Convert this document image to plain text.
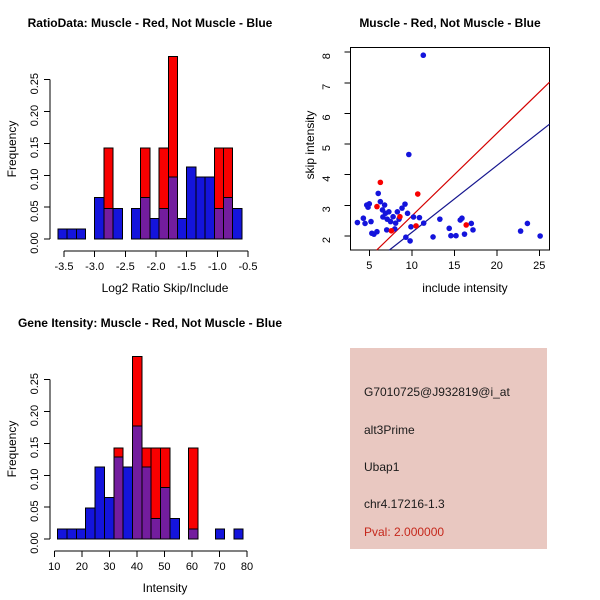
RatioData: Muscle - Red, Not Muscle - Blue
Frequency
0.00
0.05
0.10
0.15
0.20
0.25
-3.5 -3.0 -2.5 -2.0 -1.5 -1.0 -0.5
Log2 Ratio Skip/Include
Muscle - Red, Not Muscle - Blue
skip intensity
2
3
4
5
6
7
8
5	10	15	20	25
include intensity
Gene Itensity: Muscle - Red, Not Muscle - Blue
Frequency
0.00
0.05
0.10
0.15
0.20
0.25
10 20 30 40 50 60 70 80
Intensity
G7010725@J932819@i_at
alt3Prime
Ubap1
chr4.17216-1.3
Pval: 2.000000
